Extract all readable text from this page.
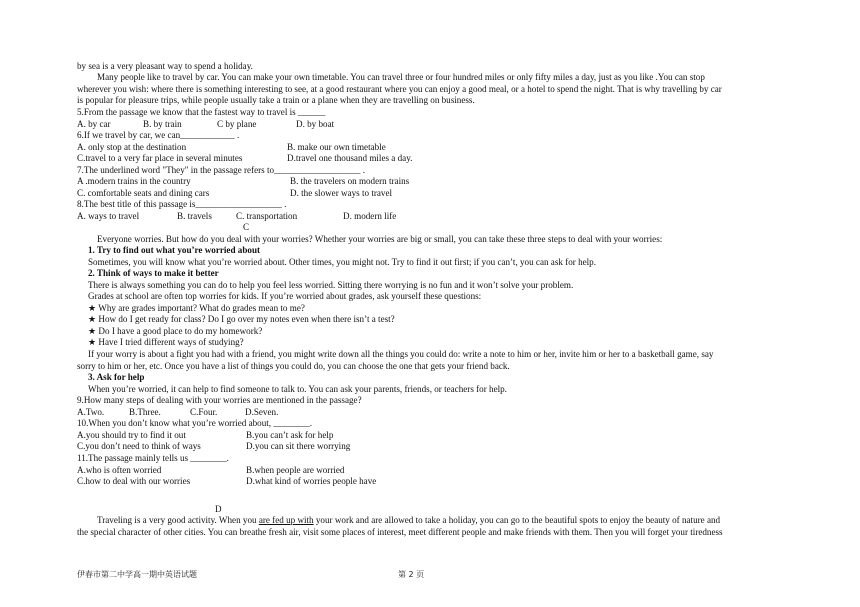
by sea is a very pleasant way to spend a holiday.
Many people like to travel by car. You can make your own timetable. You can travel three or four hundred miles or only fifty miles a day, just as you like .You can stop
wherever you wish: where there is something interesting to see, at a good restaurant where you can enjoy a good meal, or a hotel to spend the night. That is why travelling by car
is popular for pleasure trips, while people usually take a train or a plane when they are travelling on business.
5.From the passage we know that the fastest way to travel is ______
A. by car	B. by train	C by plane	D. by boat
6.If we travel by car, we can____________ .
A. only stop at the destination	B. make our own timetable
C.travel to a very far place in several minutes	D.travel one thousand miles a day.
7.The underlined word "They" in the passage refers to___________________ .
A .modern trains in the country	B. the travelers on modern trains
C. comfortable seats and dining cars	D. the slower ways to travel
8.The best title of this passage is___________________ .
A. ways to travel	B. travels	C. transportation	D. modern life
C
Everyone worries. But how do you deal with your worries? Whether your worries are big or small, you can take these three steps to deal with your worries:
1. Try to find out what you’re worried about
Sometimes, you will know what you’re worried about. Other times, you might not. Try to find it out first; if you can’t, you can ask for help.
2. Think of ways to make it better
There is always something you can do to help you feel less worried. Sitting there worrying is no fun and it won’t solve your problem.
Grades at school are often top worries for kids. If you’re worried about grades, ask yourself these questions:
★ Why are grades important? What do grades mean to me?
★ How do I get ready for class? Do I go over my notes even when there isn’t a test?
★ Do I have a good place to do my homework?
★ Have I tried different ways of studying?
If your worry is about a fight you had with a friend, you might write down all the things you could do: write a note to him or her, invite him or her to a basketball game, say
sorry to him or her, etc. Once you have a list of things you could do, you can choose the one that gets your friend back.
3. Ask for help
When you’re worried, it can help to find someone to talk to. You can ask your parents, friends, or teachers for help.
9.How many steps of dealing with your worries are mentioned in the passage?
A.Two.	B.Three.	C.Four.	D.Seven.
10.When you don’t know what you’re worried about, ________.
A.you should try to find it out	B.you can’t ask for help
C.you don’t need to think of ways	D.you can sit there worrying
11.The passage mainly tells us ________.
A.who is often worried	B.when people are worried
C.how to deal with our worries	D.what kind of worries people have
D
Traveling is a very good activity. When you are fed up with your work and are allowed to take a holiday, you can go to the beautiful spots to enjoy the beauty of nature and
the special character of other cities. You can breathe fresh air, visit some places of interest, meet different people and make friends with them. Then you will forget your tiredness
伊春市第二中学高一期中英语试题	第 2 页
